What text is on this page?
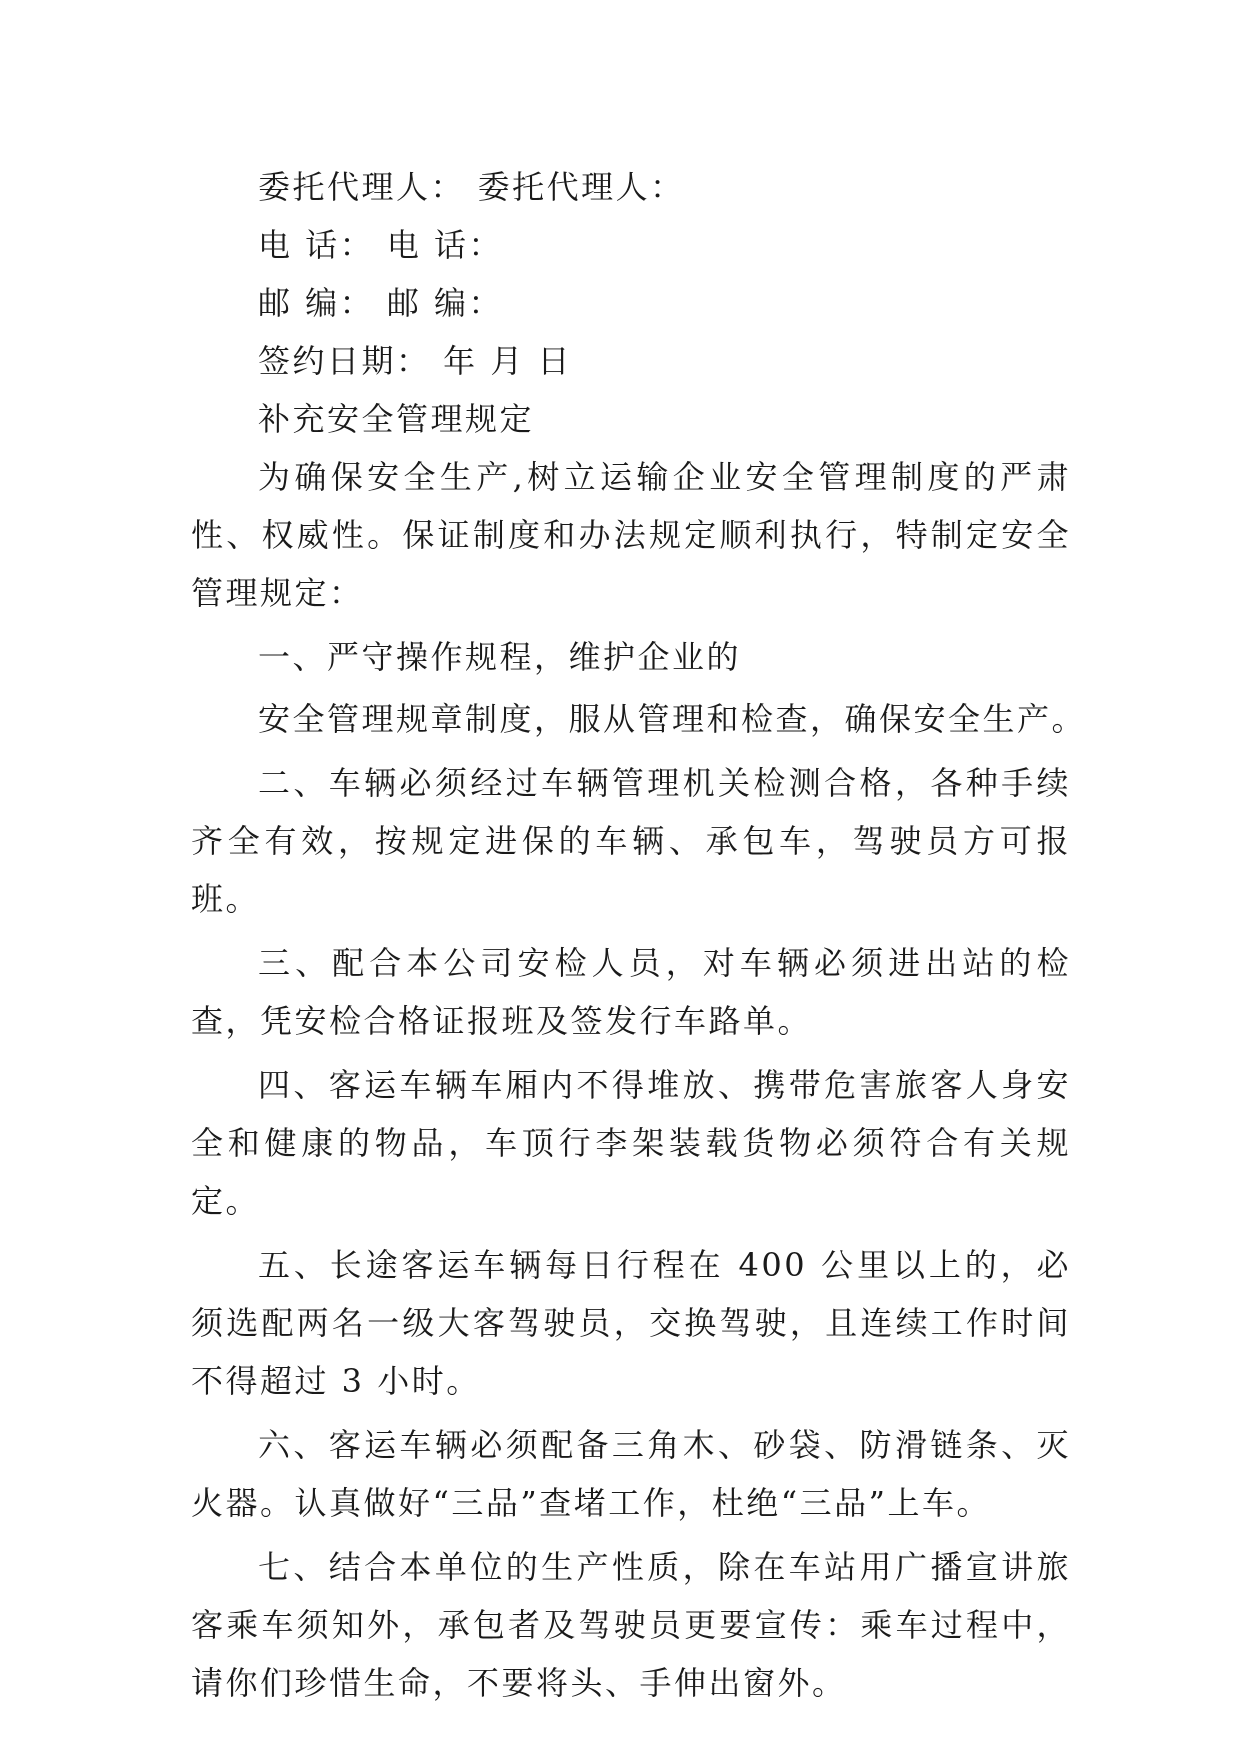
委托代理人： 委托代理人：

电 话： 电 话：

邮 编： 邮 编：

签约日期： 年 月 日

补充安全管理规定

为确保安全生产,树立运输企业安全管理制度的严肃性、权威性。保证制度和办法规定顺利执行，特制定安全管理规定：

一、严守操作规程，维护企业的

安全管理规章制度，服从管理和检查，确保安全生产。

二、车辆必须经过车辆管理机关检测合格，各种手续齐全有效，按规定进保的车辆、承包车，驾驶员方可报班。

三、配合本公司安检人员，对车辆必须进出站的检查，凭安检合格证报班及签发行车路单。

四、客运车辆车厢内不得堆放、携带危害旅客人身安全和健康的物品，车顶行李架装载货物必须符合有关规定。

五、长途客运车辆每日行程在 400 公里以上的，必须选配两名一级大客驾驶员，交换驾驶，且连续工作时间不得超过 3 小时。

六、客运车辆必须配备三角木、砂袋、防滑链条、灭火器。认真做好“三品”查堵工作，杜绝“三品”上车。

七、结合本单位的生产性质，除在车站用广播宣讲旅客乘车须知外，承包者及驾驶员更要宣传：乘车过程中，请你们珍惜生命，不要将头、手伸出窗外。
